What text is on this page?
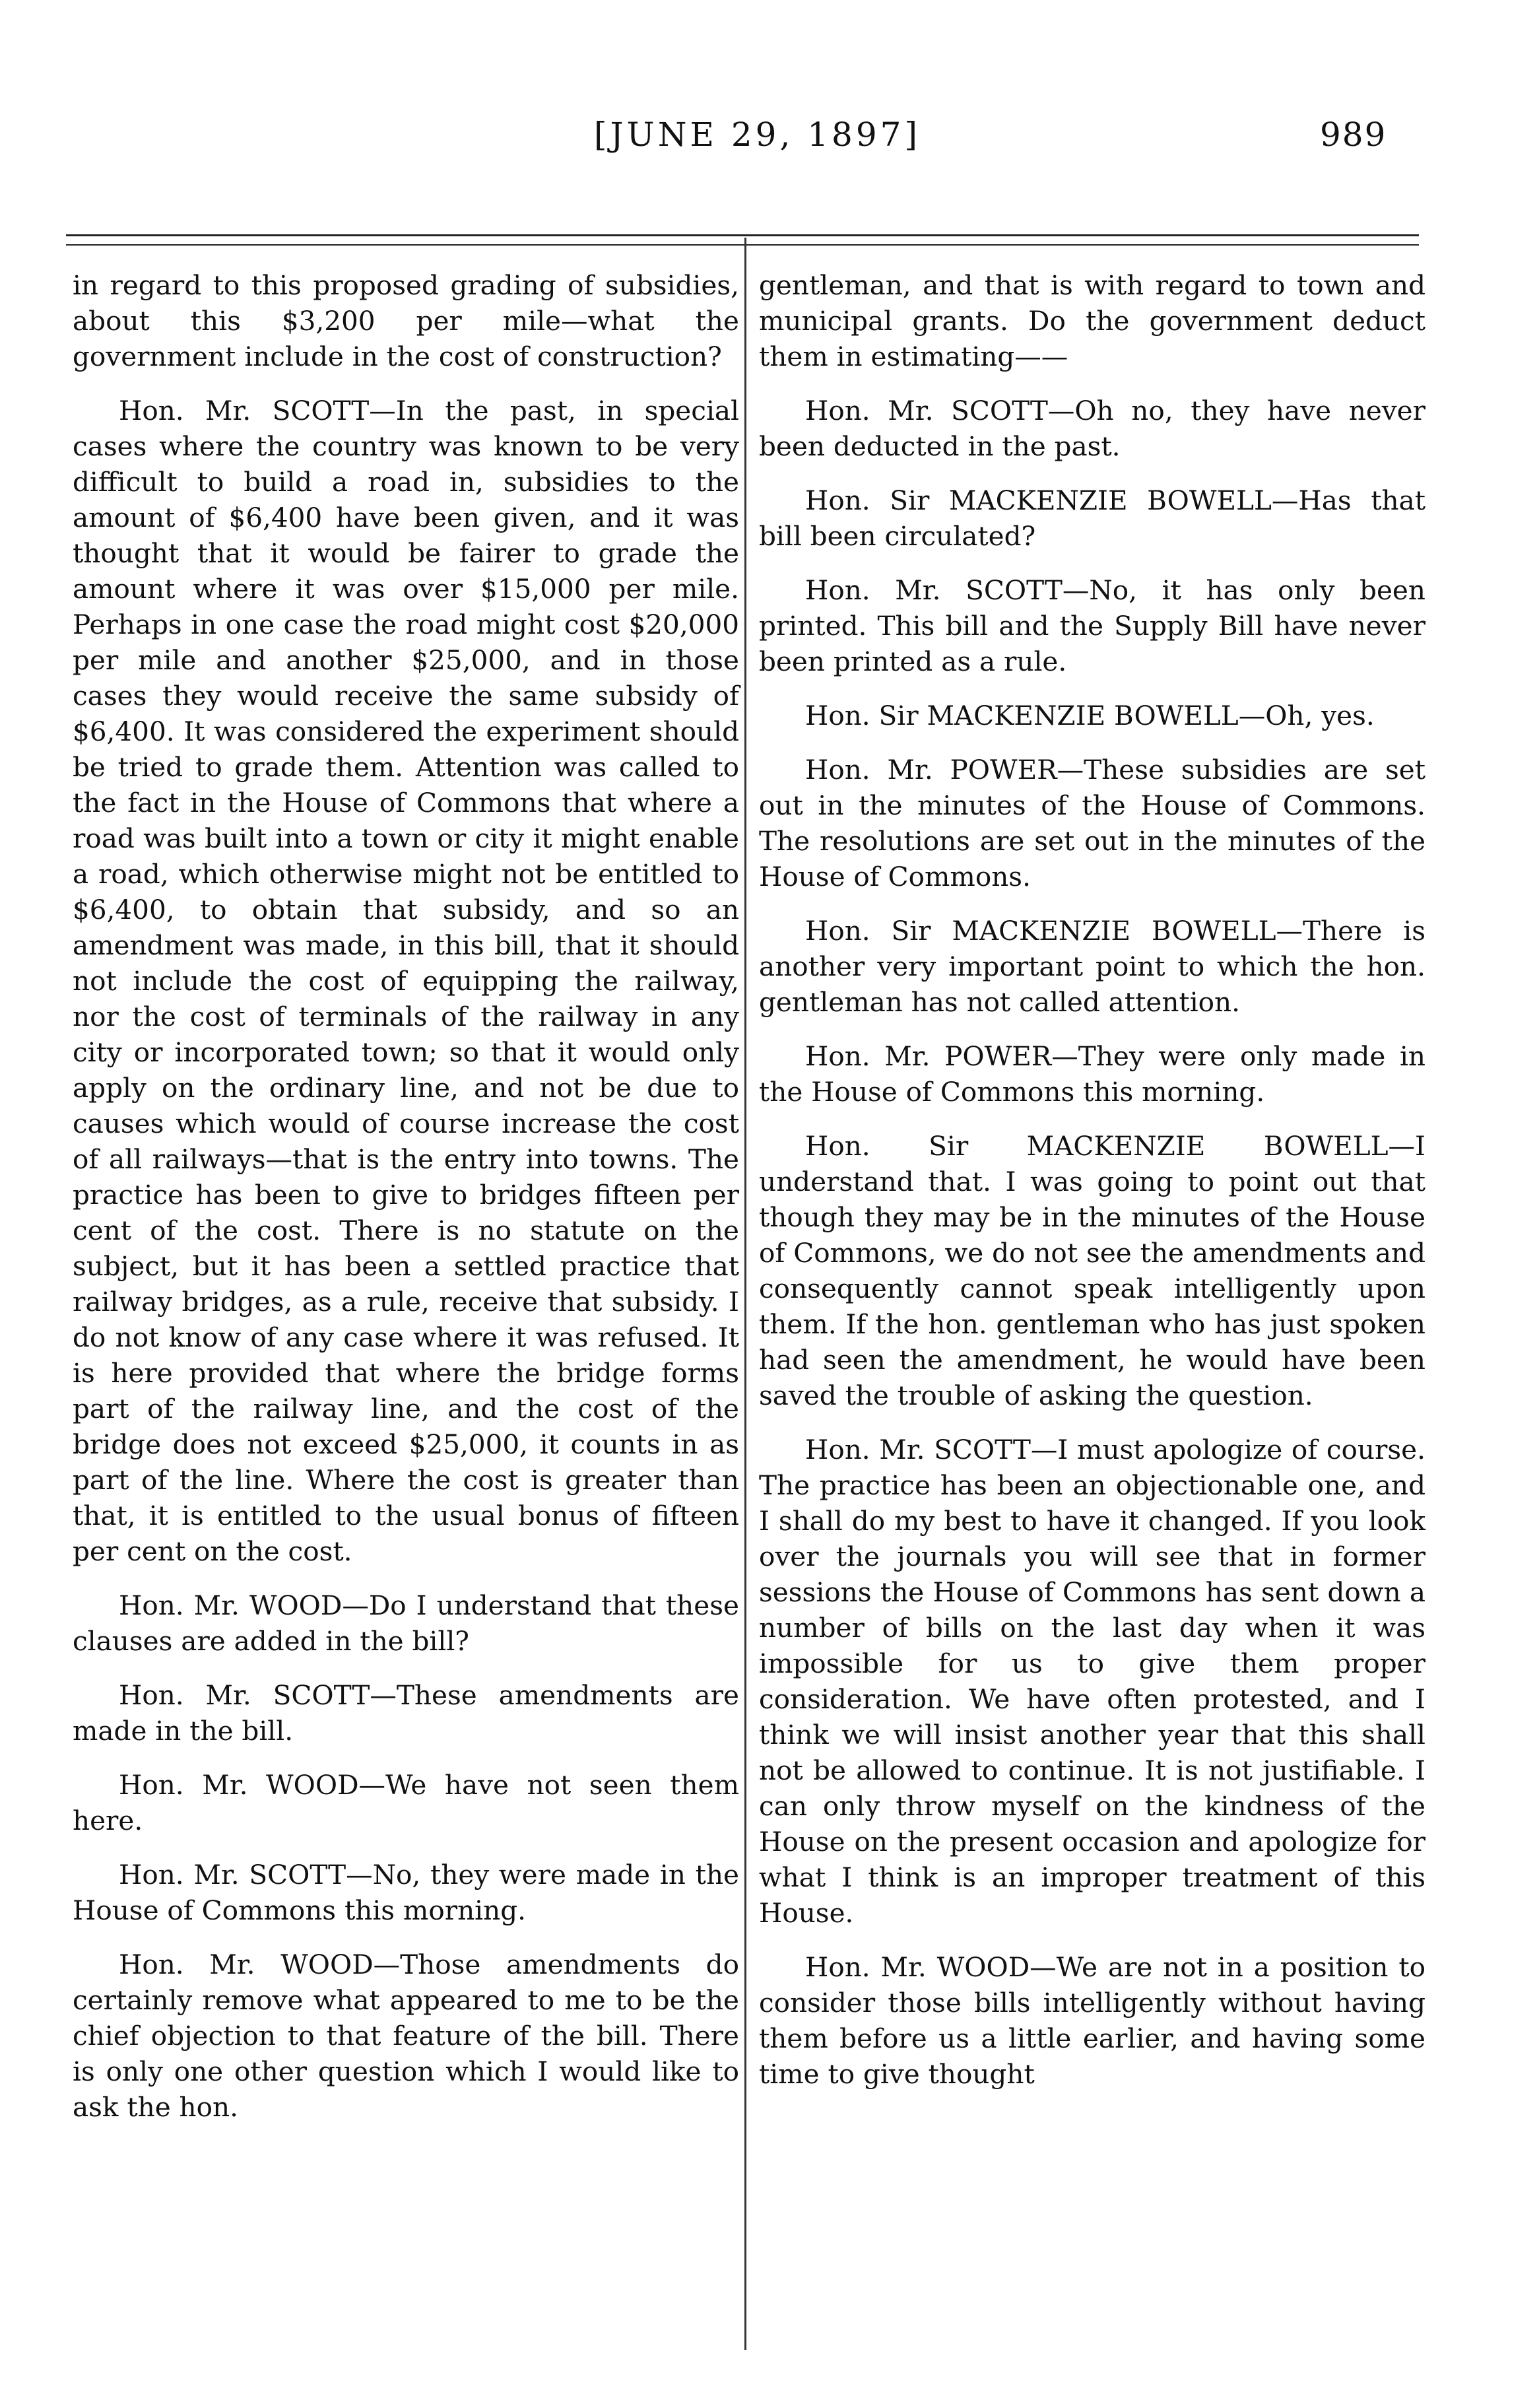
[JUNE 29, 1897]	989

in regard to this proposed grading of subsidies, about this $3,200 per mile—what the government include in the cost of construction?

Hon. Mr. SCOTT—In the past, in special cases where the country was known to be very difficult to build a road in, subsidies to the amount of $6,400 have been given, and it was thought that it would be fairer to grade the amount where it was over $15,000 per mile. Perhaps in one case the road might cost $20,000 per mile and another $25,000, and in those cases they would receive the same subsidy of $6,400. It was considered the experiment should be tried to grade them. Attention was called to the fact in the House of Commons that where a road was built into a town or city it might enable a road, which otherwise might not be entitled to $6,400, to obtain that subsidy, and so an amendment was made, in this bill, that it should not include the cost of equipping the railway, nor the cost of terminals of the railway in any city or incorporated town; so that it would only apply on the ordinary line, and not be due to causes which would of course increase the cost of all railways—that is the entry into towns. The practice has been to give to bridges fifteen per cent of the cost. There is no statute on the subject, but it has been a settled practice that railway bridges, as a rule, receive that subsidy. I do not know of any case where it was refused. It is here provided that where the bridge forms part of the railway line, and the cost of the bridge does not exceed $25,000, it counts in as part of the line. Where the cost is greater than that, it is entitled to the usual bonus of fifteen per cent on the cost.

Hon. Mr. WOOD—Do I understand that these clauses are added in the bill?

Hon. Mr. SCOTT—These amendments are made in the bill.

Hon. Mr. WOOD—We have not seen them here.

Hon. Mr. SCOTT—No, they were made in the House of Commons this morning.

Hon. Mr. WOOD—Those amendments do certainly remove what appeared to me to be the chief objection to that feature of the bill. There is only one other question which I would like to ask the hon.

gentleman, and that is with regard to town and municipal grants. Do the government deduct them in estimating——

Hon. Mr. SCOTT—Oh no, they have never been deducted in the past.

Hon. Sir MACKENZIE BOWELL—Has that bill been circulated?

Hon. Mr. SCOTT—No, it has only been printed. This bill and the Supply Bill have never been printed as a rule.

Hon. Sir MACKENZIE BOWELL—Oh, yes.

Hon. Mr. POWER—These subsidies are set out in the minutes of the House of Commons. The resolutions are set out in the minutes of the House of Commons.

Hon. Sir MACKENZIE BOWELL—There is another very important point to which the hon. gentleman has not called attention.

Hon. Mr. POWER—They were only made in the House of Commons this morning.

Hon. Sir MACKENZIE BOWELL—I understand that. I was going to point out that though they may be in the minutes of the House of Commons, we do not see the amendments and consequently cannot speak intelligently upon them. If the hon. gentleman who has just spoken had seen the amendment, he would have been saved the trouble of asking the question.

Hon. Mr. SCOTT—I must apologize of course. The practice has been an objectionable one, and I shall do my best to have it changed. If you look over the journals you will see that in former sessions the House of Commons has sent down a number of bills on the last day when it was impossible for us to give them proper consideration. We have often protested, and I think we will insist another year that this shall not be allowed to continue. It is not justifiable. I can only throw myself on the kindness of the House on the present occasion and apologize for what I think is an improper treatment of this House.

Hon. Mr. WOOD—We are not in a position to consider those bills intelligently without having them before us a little earlier, and having some time to give thought
